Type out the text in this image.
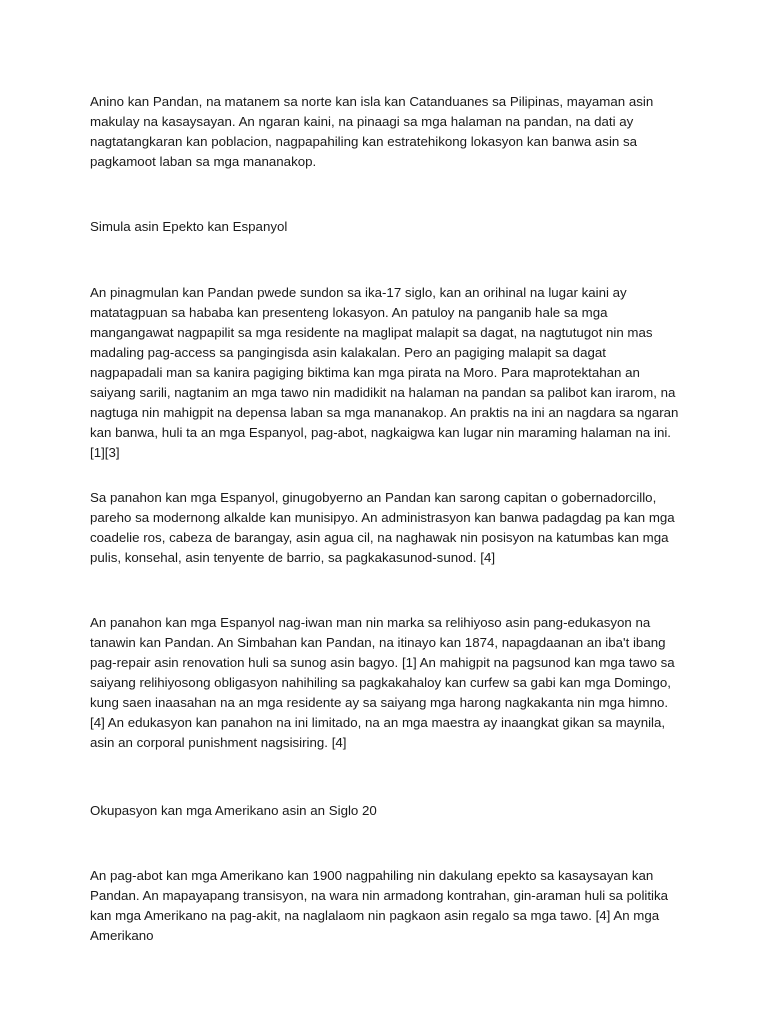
Anino kan Pandan, na matanem sa norte kan isla kan Catanduanes sa Pilipinas, mayaman asin makulay na kasaysayan. An ngaran kaini, na pinaagi sa mga halaman na pandan, na dati ay nagtatangkaran kan poblacion, nagpapahiling kan estratehikong lokasyon kan banwa asin sa pagkamoot laban sa mga mananakop.

Simula asin Epekto kan Espanyol

An pinagmulan kan Pandan pwede sundon sa ika-17 siglo, kan an orihinal na lugar kaini ay matatagpuan sa hababa kan presenteng lokasyon. An patuloy na panganib hale sa mga mangangawat nagpapilit sa mga residente na maglipat malapit sa dagat, na nagtutugot nin mas madaling pag-access sa pangingisda asin kalakalan. Pero an pagiging malapit sa dagat nagpapadali man sa kanira pagiging biktima kan mga pirata na Moro. Para maprotektahan an saiyang sarili, nagtanim an mga tawo nin madidikit na halaman na pandan sa palibot kan irarom, na nagtuga nin mahigpit na depensa laban sa mga mananakop. An praktis na ini an nagdara sa ngaran kan banwa, huli ta an mga Espanyol, pag-abot, nagkaigwa kan lugar nin maraming halaman na ini. [1][3]

Sa panahon kan mga Espanyol, ginugobyerno an Pandan kan sarong capitan o gobernadorcillo, pareho sa modernong alkalde kan munisipyo. An administrasyon kan banwa padagdag pa kan mga coadelie ros, cabeza de barangay, asin agua cil, na naghawak nin posisyon na katumbas kan mga pulis, konsehal, asin tenyente de barrio, sa pagkakasunod-sunod. [4]

An panahon kan mga Espanyol nag-iwan man nin marka sa relihiyoso asin pang-edukasyon na tanawin kan Pandan. An Simbahan kan Pandan, na itinayo kan 1874, napagdaanan an iba't ibang pag-repair asin renovation huli sa sunog asin bagyo. [1] An mahigpit na pagsunod kan mga tawo sa saiyang relihiyosong obligasyon nahihiling sa pagkakahaloy kan curfew sa gabi kan mga Domingo, kung saen inaasahan na an mga residente ay sa saiyang mga harong nagkakanta nin mga himno. [4] An edukasyon kan panahon na ini limitado, na an mga maestra ay inaangkat gikan sa maynila, asin an corporal punishment nagsisiring. [4]

Okupasyon kan mga Amerikano asin an Siglo 20

An pag-abot kan mga Amerikano kan 1900 nagpahiling nin dakulang epekto sa kasaysayan kan Pandan. An mapayapang transisyon, na wara nin armadong kontrahan, gin-araman huli sa politika kan mga Amerikano na pag-akit, na naglalaom nin pagkaon asin regalo sa mga tawo. [4] An mga Amerikano
